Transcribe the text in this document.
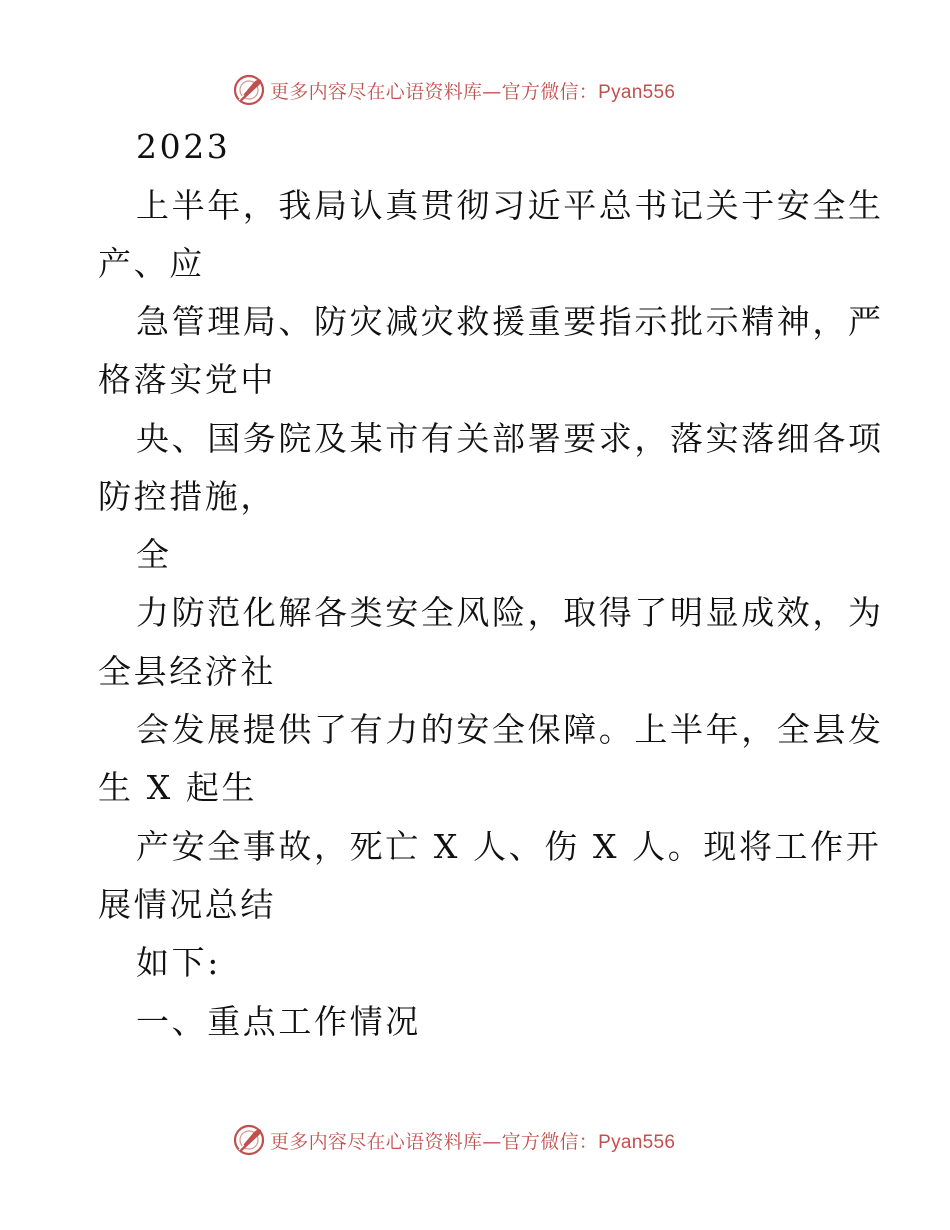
更多内容尽在心语资料库—官方微信：Pyan556
2023
上半年，我局认真贯彻习近平总书记关于安全生
产、应
急管理局、防灾减灾救援重要指示批示精神，严
格落实党中
央、国务院及某市有关部署要求，落实落细各项
防控措施，
全
力防范化解各类安全风险，取得了明显成效，为
全县经济社
会发展提供了有力的安全保障。上半年，全县发
生 X 起生
产安全事故，死亡 X 人、伤 X 人。现将工作开
展情况总结
如下:
一、重点工作情况
更多内容尽在心语资料库—官方微信：Pyan556
